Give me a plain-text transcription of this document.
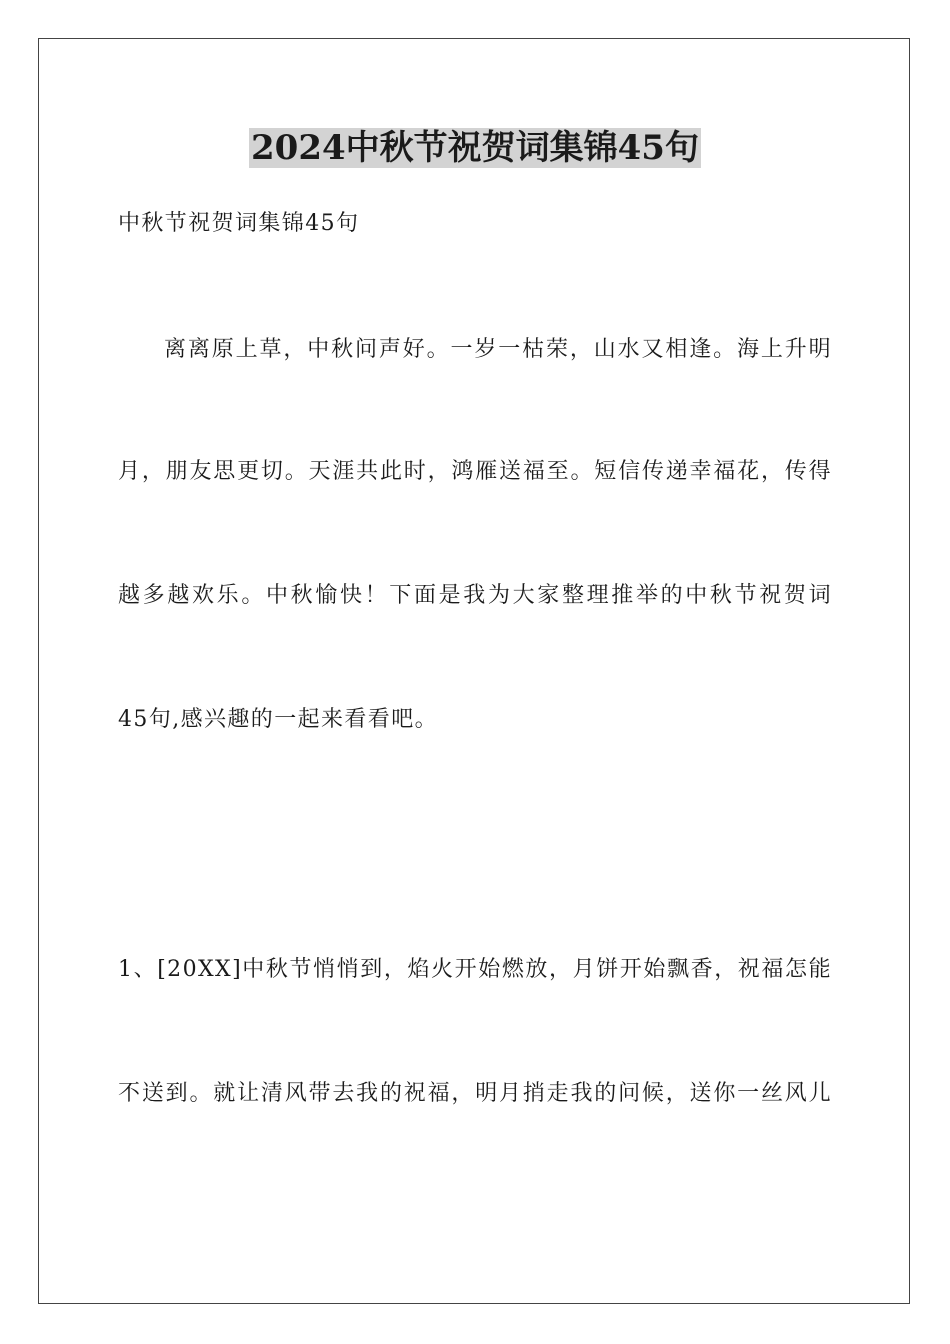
2024中秋节祝贺词集锦45句
中秋节祝贺词集锦45句
离离原上草，中秋问声好。一岁一枯荣，山水又相逢。海上升明
月，朋友思更切。天涯共此时，鸿雁送福至。短信传递幸福花，传得
越多越欢乐。中秋愉快！下面是我为大家整理推举的中秋节祝贺词
45句,感兴趣的一起来看看吧。
1、[20XX]中秋节悄悄到，焰火开始燃放，月饼开始飘香，祝福怎能
不送到。就让清风带去我的祝福，明月捎走我的问候，送你一丝风儿
